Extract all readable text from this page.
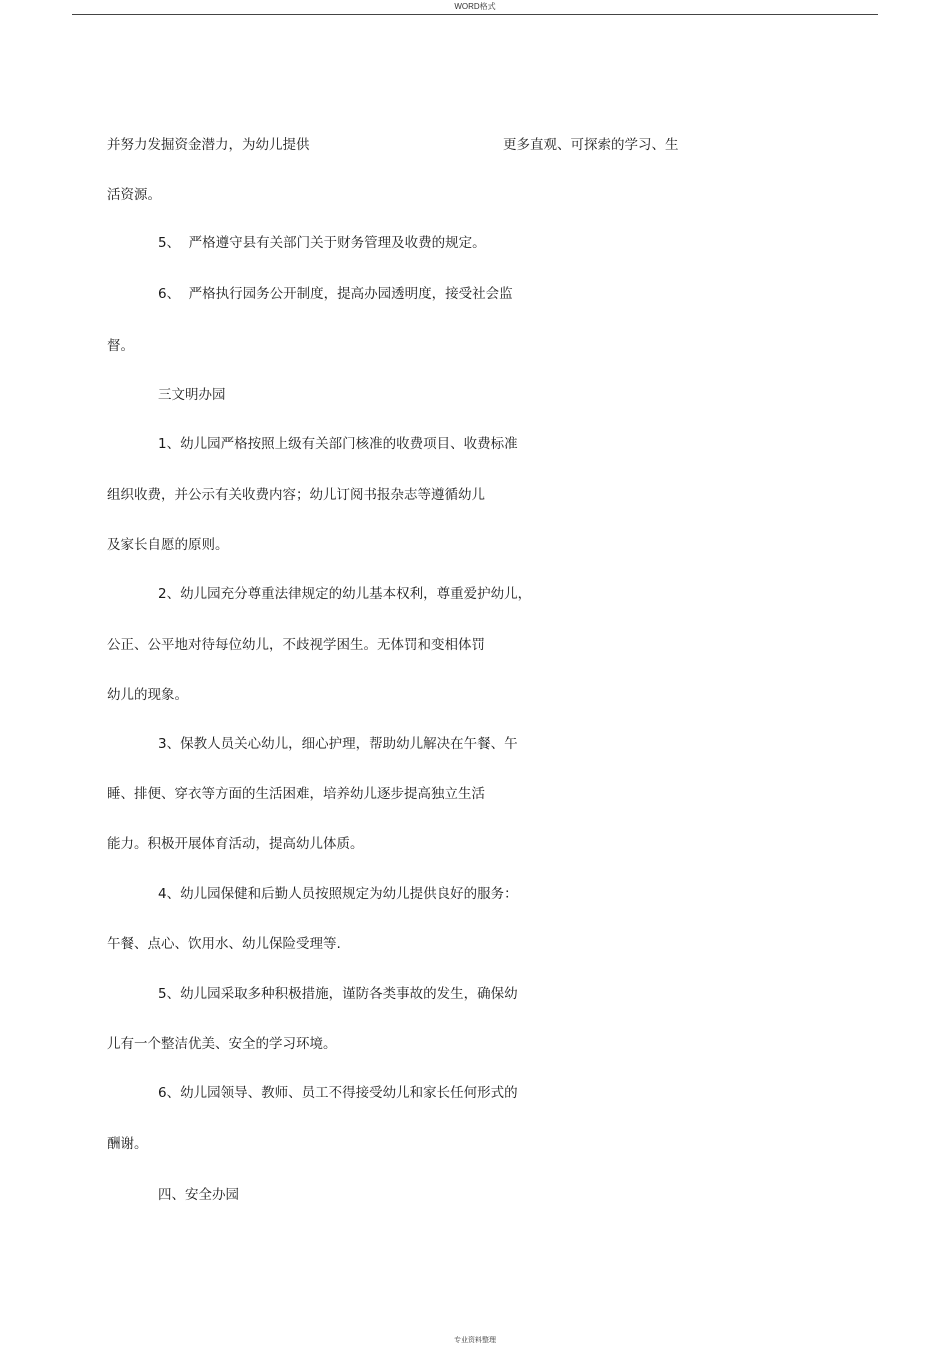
WORD格式
并努力发掘资金潜力，为幼儿提供	更多直观、可探索的学习、生
活资源。
5、  严格遵守县有关部门关于财务管理及收费的规定。
6、  严格执行园务公开制度，提高办园透明度，接受社会监
督。
三文明办园
1、幼儿园严格按照上级有关部门核准的收费项目、收费标准
组织收费，并公示有关收费内容；幼儿订阅书报杂志等遵循幼儿
及家长自愿的原则。
2、幼儿园充分尊重法律规定的幼儿基本权利，尊重爱护幼儿，
公正、公平地对待每位幼儿，不歧视学困生。无体罚和变相体罚
幼儿的现象。
3、保教人员关心幼儿，细心护理，帮助幼儿解决在午餐、午
睡、排便、穿衣等方面的生活困难，培养幼儿逐步提高独立生活
能力。积极开展体育活动，提高幼儿体质。
4、幼儿园保健和后勤人员按照规定为幼儿提供良好的服务：
午餐、点心、饮用水、幼儿保险受理等.
5、幼儿园采取多种积极措施，谨防各类事故的发生，确保幼
儿有一个整洁优美、安全的学习环境。
6、幼儿园领导、教师、员工不得接受幼儿和家长任何形式的
酬谢。
四、安全办园
专业资料整理
